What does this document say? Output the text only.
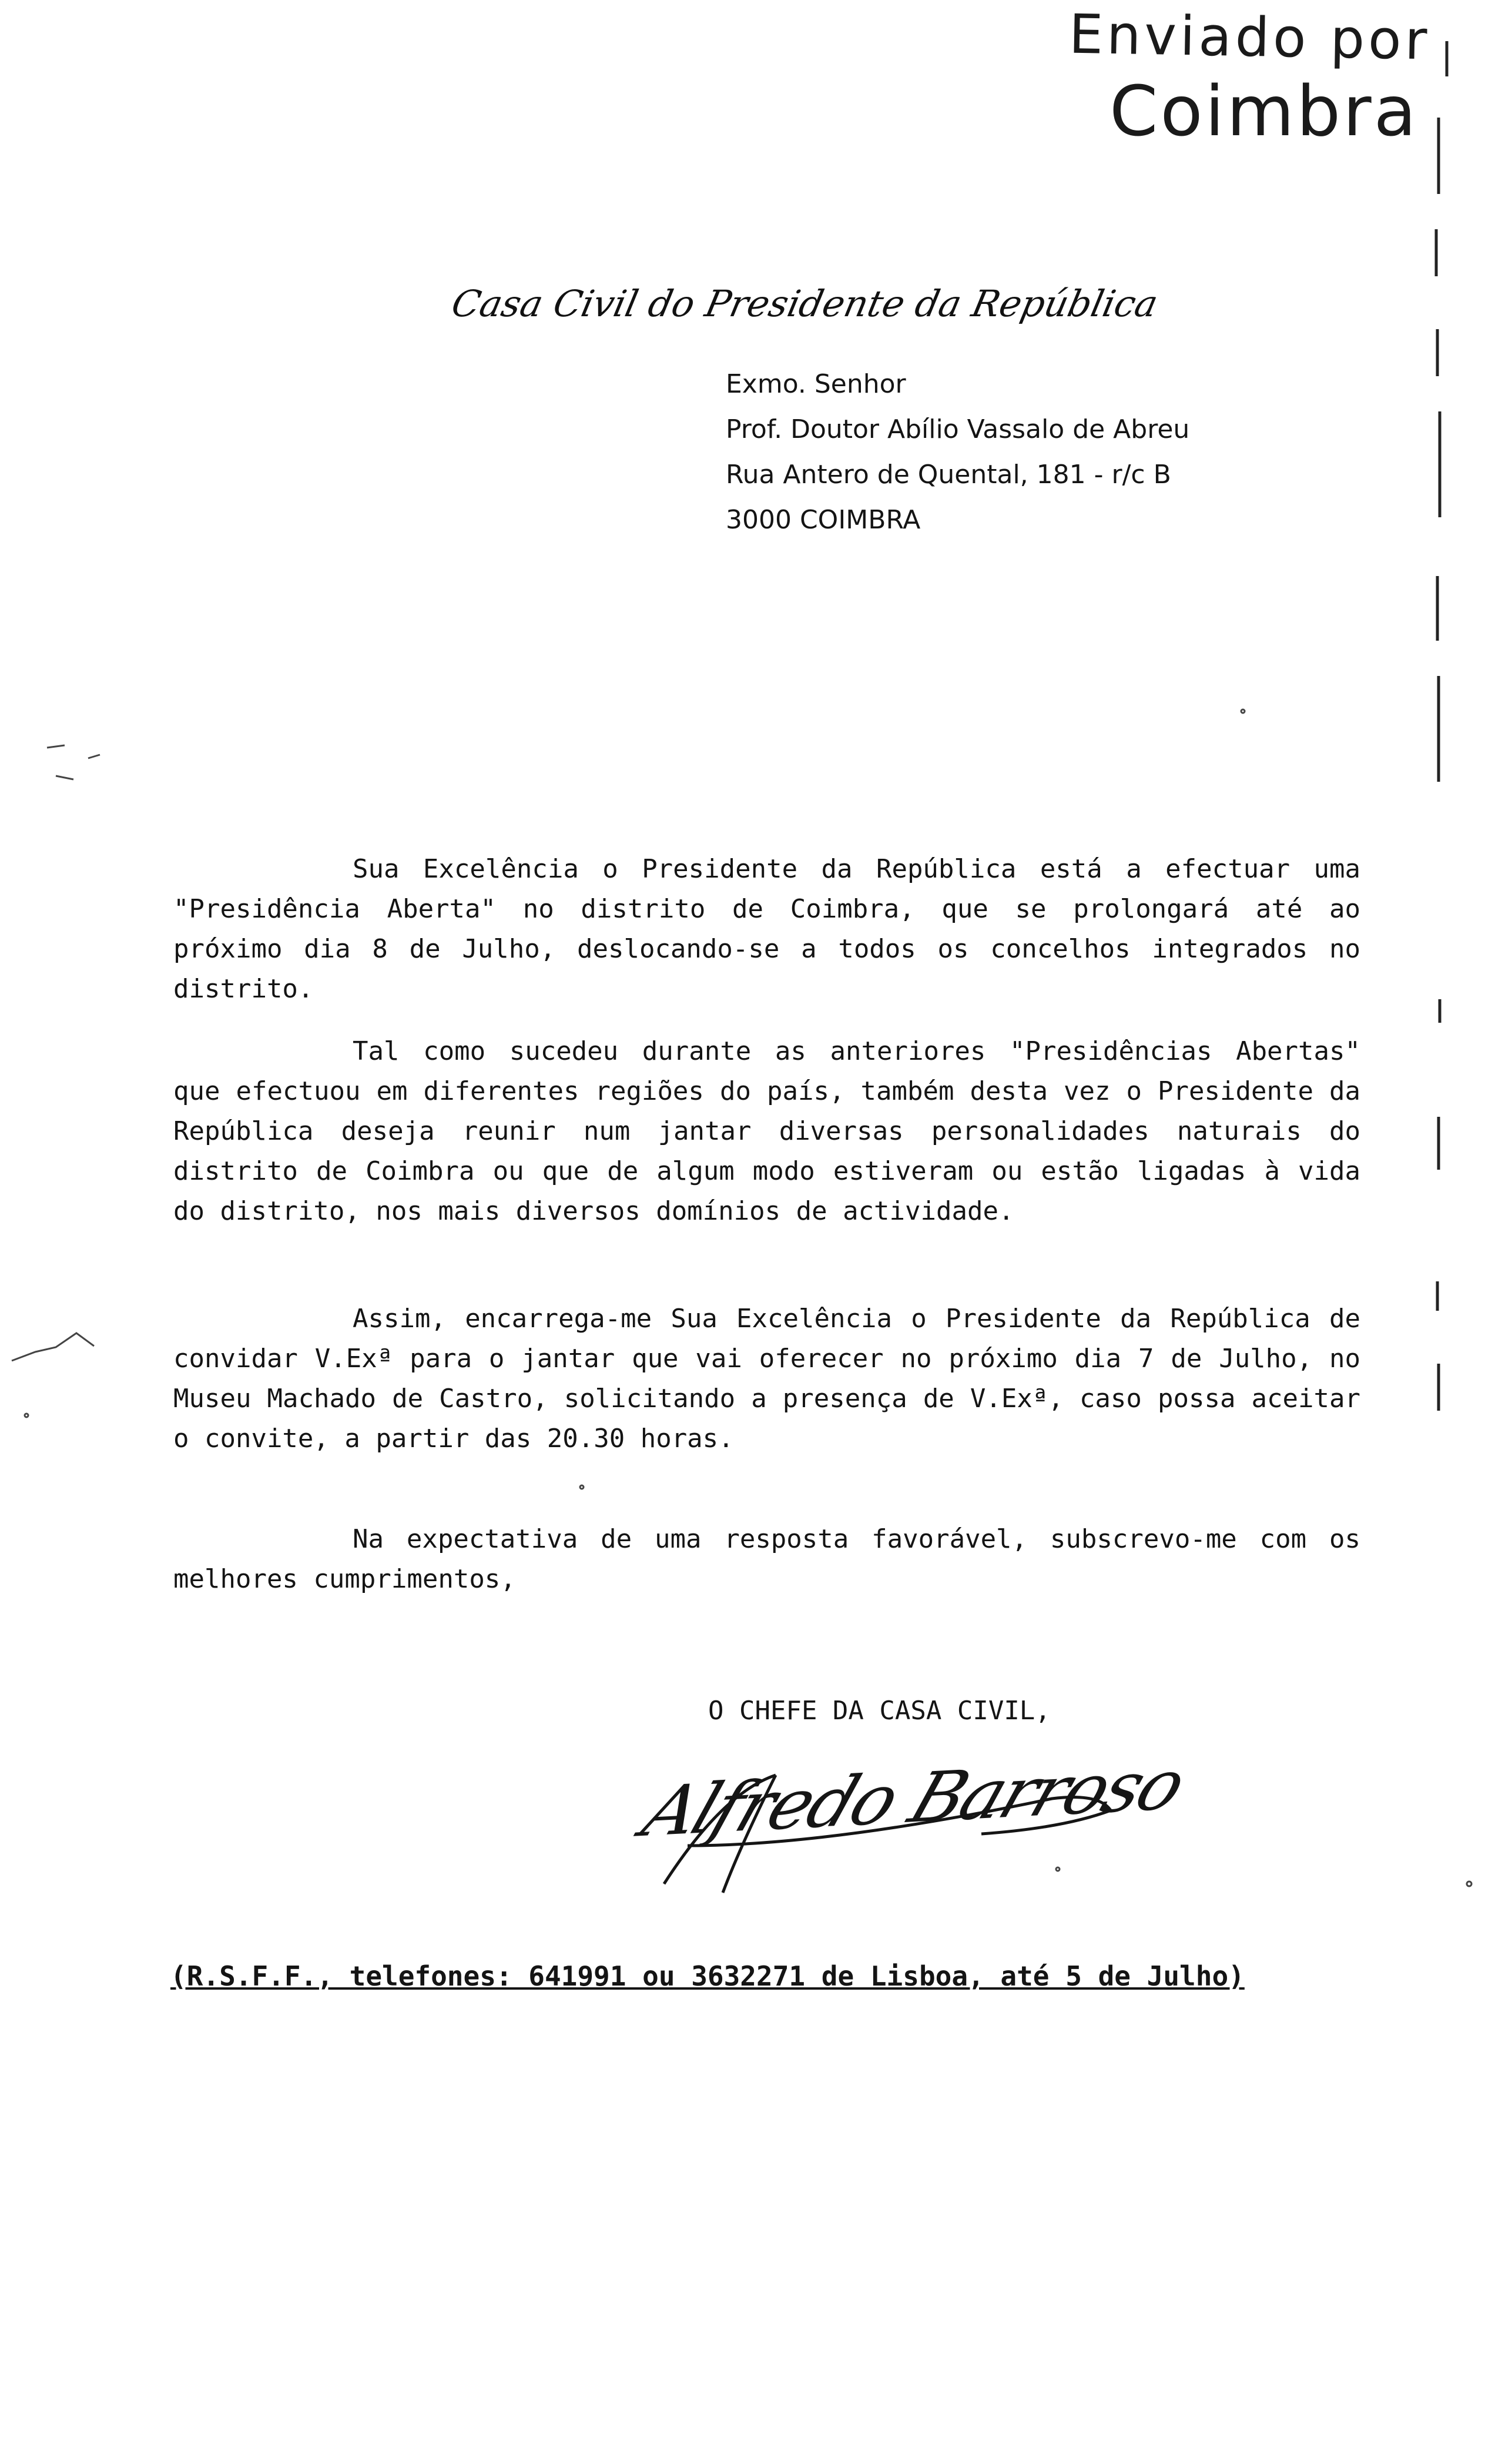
Enviado por
Coimbra
Casa Civil do Presidente da República
Exmo. Senhor
Prof. Doutor Abílio Vassalo de Abreu
Rua Antero de Quental, 181 - r/c B
3000 COIMBRA

Sua Excelência o Presidente da República está a efectuar uma "Presidência Aberta" no distrito de Coimbra, que se prolongará até ao próximo dia 8 de Julho, deslocando-se a todos os concelhos integrados no distrito.

Tal como sucedeu durante as anteriores "Presidências Abertas" que efectuou em diferentes regiões do país, também desta vez o Presidente da República deseja reunir num jantar diversas personalidades naturais do distrito de Coimbra ou que de algum modo estiveram ou estão ligadas à vida do distrito, nos mais diversos domínios de actividade.

Assim, encarrega-me Sua Excelência o Presidente da República de convidar V.Exª para o jantar que vai oferecer no próximo dia 7 de Julho, no Museu Machado de Castro, solicitando a presença de V.Exª, caso possa aceitar o convite, a partir das 20.30 horas.

Na expectativa de uma resposta favorável, subscrevo-me com os melhores cumprimentos,

O CHEFE DA CASA CIVIL,
Alfredo Barroso
(R.S.F.F., telefones: 641991 ou 3632271 de Lisboa, até 5 de Julho)
